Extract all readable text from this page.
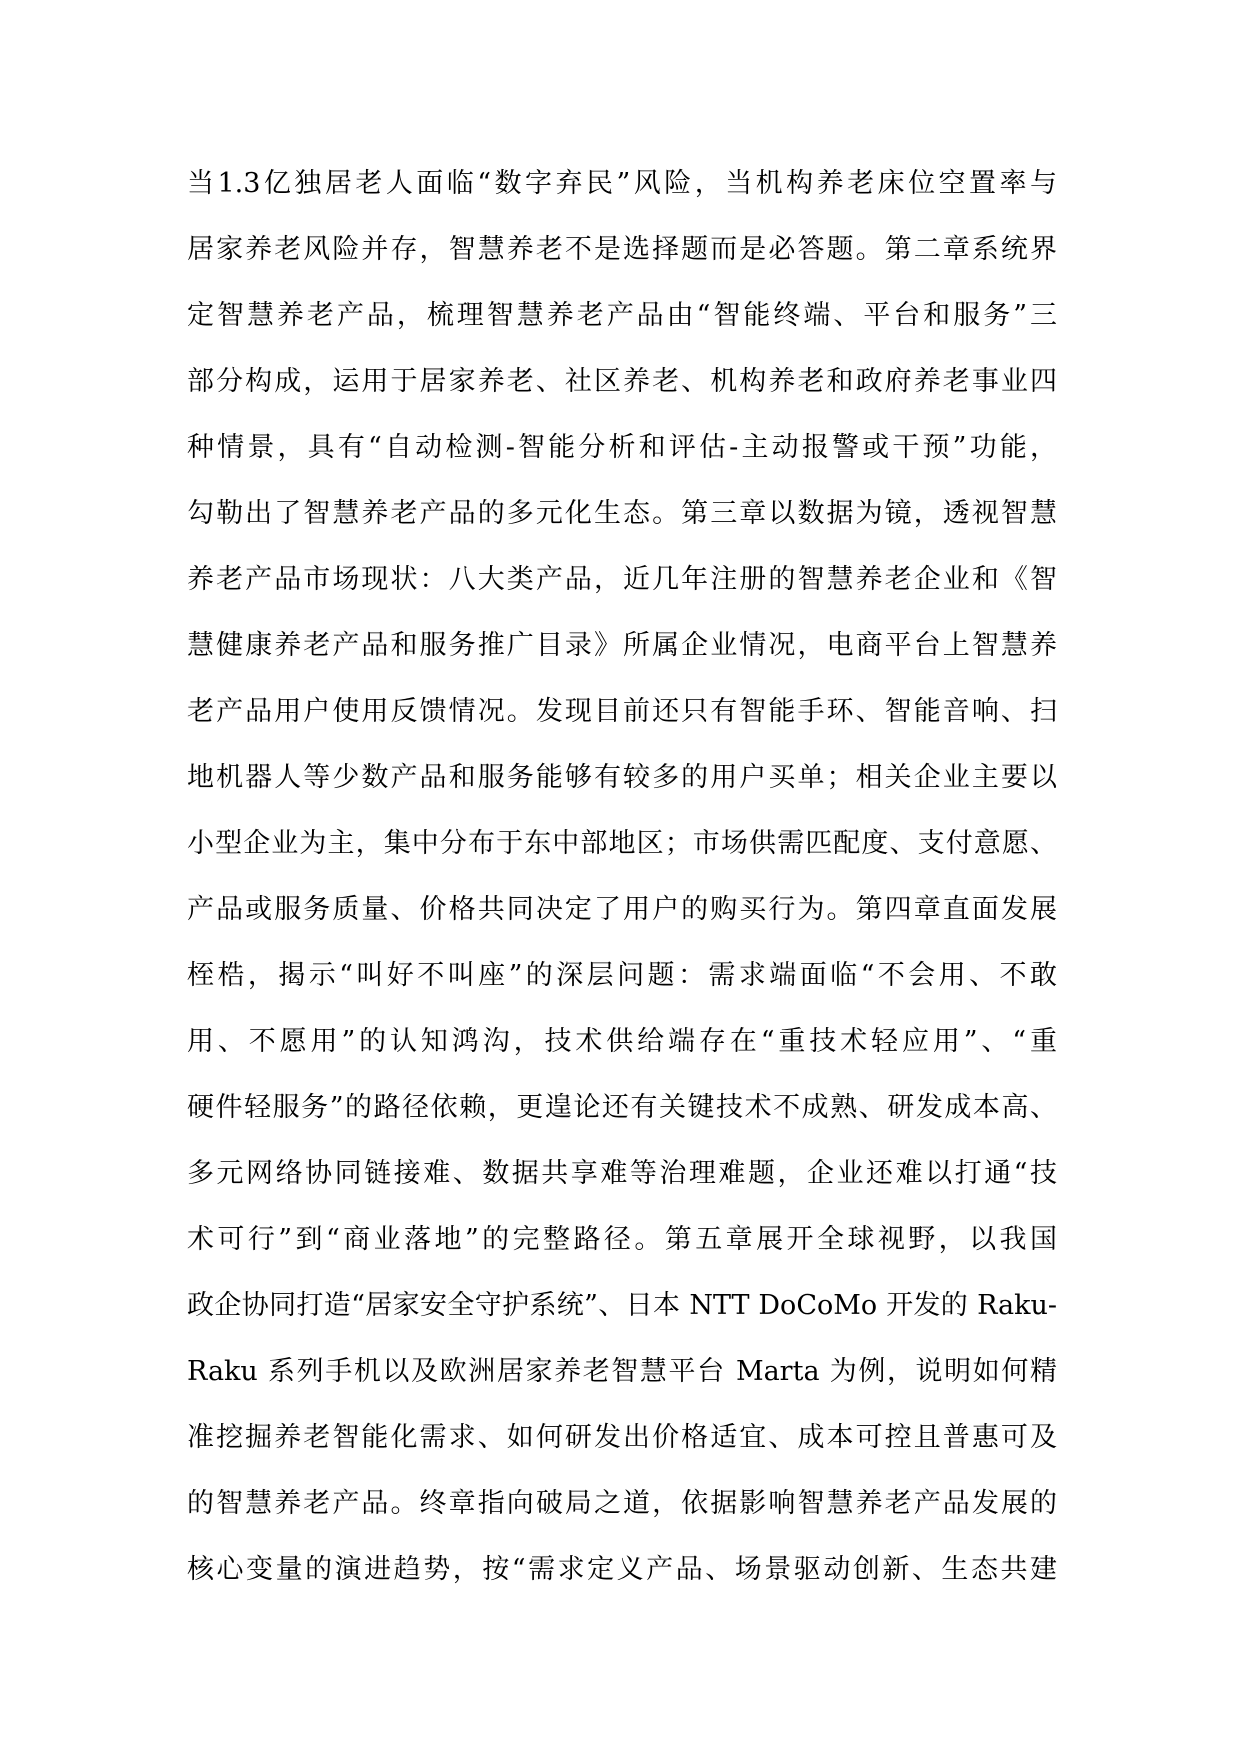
当1.3亿独居老人面临“数字弃民”风险，当机构养老床位空置率与
居家养老风险并存，智慧养老不是选择题而是必答题。第二章系统界
定智慧养老产品，梳理智慧养老产品由“智能终端、平台和服务”三
部分构成，运用于居家养老、社区养老、机构养老和政府养老事业四
种情景，具有“自动检测-智能分析和评估-主动报警或干预”功能，
勾勒出了智慧养老产品的多元化生态。第三章以数据为镜，透视智慧
养老产品市场现状：八大类产品，近几年注册的智慧养老企业和《智
慧健康养老产品和服务推广目录》所属企业情况，电商平台上智慧养
老产品用户使用反馈情况。发现目前还只有智能手环、智能音响、扫
地机器人等少数产品和服务能够有较多的用户买单；相关企业主要以
小型企业为主，集中分布于东中部地区；市场供需匹配度、支付意愿、
产品或服务质量、价格共同决定了用户的购买行为。第四章直面发展
桎梏，揭示“叫好不叫座”的深层问题：需求端面临“不会用、不敢
用、不愿用”的认知鸿沟，技术供给端存在“重技术轻应用”、“重
硬件轻服务”的路径依赖，更遑论还有关键技术不成熟、研发成本高、
多元网络协同链接难、数据共享难等治理难题，企业还难以打通“技
术可行”到“商业落地”的完整路径。第五章展开全球视野，以我国
政企协同打造“居家安全守护系统”、日本 NTT DoCoMo 开发的 Raku-
Raku 系列手机以及欧洲居家养老智慧平台 Marta 为例，说明如何精
准挖掘养老智能化需求、如何研发出价格适宜、成本可控且普惠可及
的智慧养老产品。终章指向破局之道，依据影响智慧养老产品发展的
核心变量的演进趋势，按“需求定义产品、场景驱动创新、生态共建
